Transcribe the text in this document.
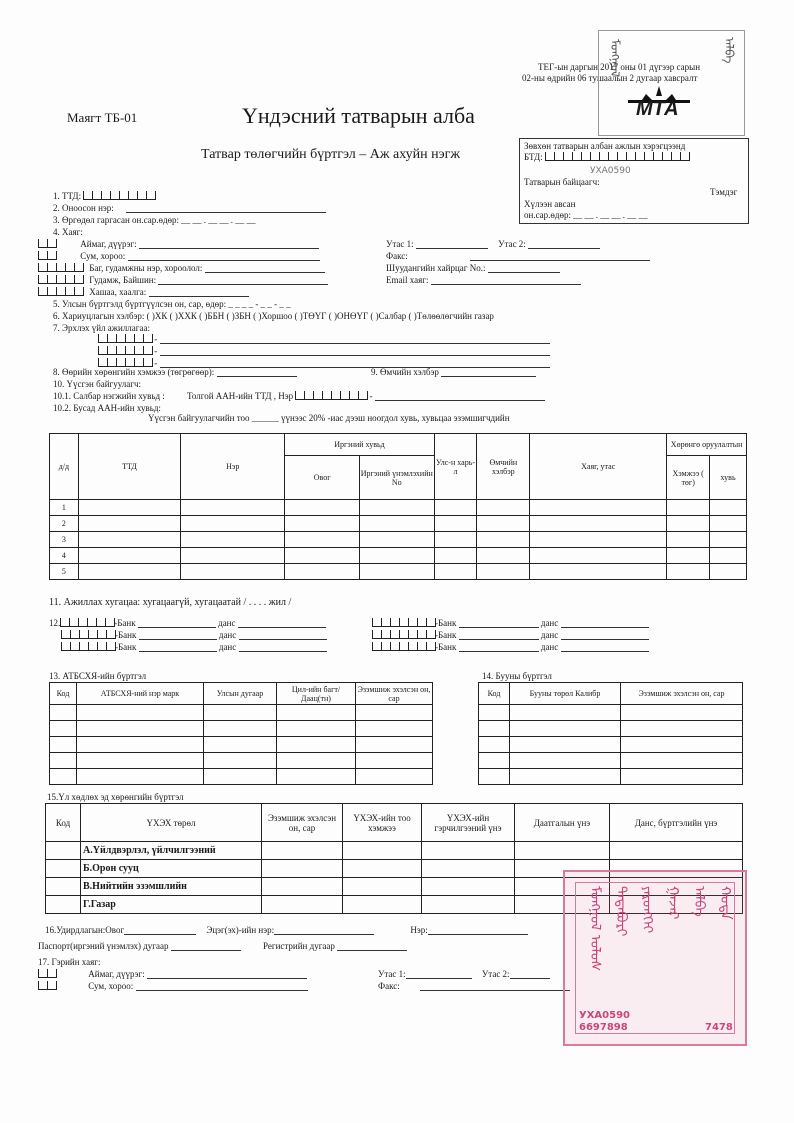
ТЕГ-ын даргын 2017 оны 01 дүгээр сарын
02-ны өдрийн 06 тушаалын 2 дугаар хавсралт
Маягт ТБ-01	Үндэсний татварын алба
Татвар төлөгчийн бүртгэл – Аж ахуйн нэгж
ᠮᠣᠩᠭᠣᠯ	ᠠᠯᠪᠠ
МТА
Зөвхөн татварын албан ажлын хэрэгцээнд
БТД:
УХА0590
Татварын байцаагч:
Тэмдэг
Хүлээн авсан
он.сар.өдөр: __ __ . __ __ . __ __
1. ТТД:
2. Оноосон нэр:
3. Өргөдөл гаргасан он.сар.өдөр: __ __ . __ __ . __ __
4. Хаяг:
Аймаг, дүүрэг:
Сум, хороо:
Баг, гудамжны нэр, хороолол:
Гудамж, Байшин:
Хашаа, хаалга:
Утас 1:	Утас 2:
Факс:
Шуудангийн хайрцаг No.:
Email хаяг:
5. Улсын бүртгэлд бүртгүүлсэн он, сар, өдөр: _ _ _ _ - _ _ - _ _
6. Хариуцлагын хэлбэр: ( )ХК ( )ХХК ( )ББН ( )ЗБН ( )Хоршоо ( )ТӨҮГ ( )ОНӨҮГ ( )Салбар ( )Төлөөлөгчийн газар
7. Эрхлэх үйл ажиллагаа:
-
-
-
8. Өөрийн хөрөнгийн хэмжээ (төгрөгөөр):	9. Өмчийн хэлбэр
10. Үүсгэн байгуулагч:
10.1. Салбар нэгжийн хувьд : Толгой ААН-ийн ТТД , Нэр	-
10.2. Бусад ААН-ийн хувьд:
Үүсгэн байгуулагчийн тоо ______ үүнээс 20% -иас дээш ноогдол хувь, хувьцаа эзэмшигчдийн
д/д	ТТД	Нэр	Иргэний хувьд		Улс-н харь-л	Өмчийн хэлбэр	Хаяг, утас	Хөрөнгө оруулалтын	
			Овог	Иргэний үнэмлэхийн No				Хэмжээ ( төг)	хувь
1									
2									
3									
4									
5									
11. Ажиллах хугацаа: хугацаагүй, хугацаатай / . . . . жил /
12.	-Банк	данс
-Банк	данс
-Банк	данс
-Банк	данс
-Банк	данс
-Банк	данс
13. АТБСХЯ-ийн бүртгэл
Код	АТБСХЯ-ний нэр марк	Улсын дугаар	Цил-ийн багт/ Даац(тн)	Эзэмшиж эхэлсэн он, сар

14. Бууны бүртгэл
Код	Бууны төрөл Калибр	Эзэмшиж эхэлсэн он, сар

15.Үл хөдлөх эд хөрөнгийн бүртгэл
Код	ҮХЭХ төрөл	Эзэмшиж эхэлсэн он, сар	ҮХЭХ-ийн тоо хэмжээ	ҮХЭХ-ийн гэрчилгээний үнэ	Даатгалын үнэ	Данс, бүртгэлийн үнэ
	А.Үйлдвэрлэл, үйлчилгээний					
	Б.Орон сууц					
	В.Нийтийн эзэмшлийн					
	Г.Газар					
16.Удирдлагын:Овог	Эцэг(эх)-ийн нэр:	Нэр:
Паспорт(иргэний үнэмлэх) дугаар	Регистрийн дугаар
17. Гэрийн хаяг:
Аймаг, дүүрэг:
Сум, хороо:
Утас 1:	Утас 2:
Факс:
ᠮᠣᠩᠭᠣᠯ ᠤᠯᠤᠰ ᠲᠠᠲᠠᠪᠤᠷᠢ ᠶᠡᠷᠦᠩᠬᠡᠢ ᠭᠠᠵᠠᠷ ᠠᠯᠪᠠ ᠬᠣᠲᠠ
УХА0590
6697898	7478
